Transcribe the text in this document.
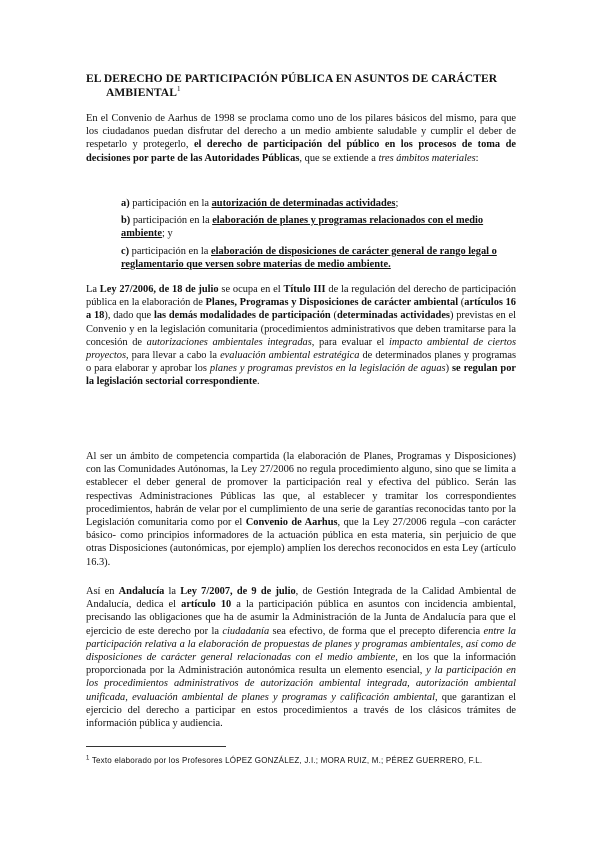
EL DERECHO DE PARTICIPACIÓN PÚBLICA EN ASUNTOS DE CARÁCTER
AMBIENTAL$^1$

En el Convenio de Aarhus de 1998 se proclama como uno de los pilares básicos del mismo, para que los ciudadanos puedan disfrutar del derecho a un medio ambiente saludable y cumplir el deber de respetarlo y protegerlo, el derecho de participación del público en los procesos de toma de decisiones por parte de las Autoridades Públicas, que se extiende a tres ámbitos materiales:

a) participación en la autorización de determinadas actividades;
b) participación en la elaboración de planes y programas relacionados con el medio ambiente; y
c) participación en la elaboración de disposiciones de carácter general de rango legal o reglamentario que versen sobre materias de medio ambiente.

La Ley 27/2006, de 18 de julio se ocupa en el Título III de la regulación del derecho de participación pública en la elaboración de Planes, Programas y Disposiciones de carácter ambiental (artículos 16 a 18), dado que las demás modalidades de participación (determinadas actividades) previstas en el Convenio y en la legislación comunitaria (procedimientos administrativos que deben tramitarse para la concesión de autorizaciones ambientales integradas, para evaluar el impacto ambiental de ciertos proyectos, para llevar a cabo la evaluación ambiental estratégica de determinados planes y programas o para elaborar y aprobar los planes y programas previstos en la legislación de aguas) se regulan por la legislación sectorial correspondiente.

Al ser un ámbito de competencia compartida (la elaboración de Planes, Programas y Disposiciones) con las Comunidades Autónomas, la Ley 27/2006 no regula procedimiento alguno, sino que se limita a establecer el deber general de promover la participación real y efectiva del público. Serán las respectivas Administraciones Públicas las que, al establecer y tramitar los correspondientes procedimientos, habrán de velar por el cumplimiento de una serie de garantías reconocidas tanto por la Legislación comunitaria como por el Convenio de Aarhus, que la Ley 27/2006 regula –con carácter básico- como principios informadores de la actuación pública en esta materia, sin perjuicio de que otras Disposiciones (autonómicas, por ejemplo) amplíen los derechos reconocidos en esta Ley (artículo 16.3).

Así en Andalucía la Ley 7/2007, de 9 de julio, de Gestión Integrada de la Calidad Ambiental de Andalucía, dedica el artículo 10 a la participación pública en asuntos con incidencia ambiental, precisando las obligaciones que ha de asumir la Administración de la Junta de Andalucía para que el ejercicio de este derecho por la ciudadanía sea efectivo, de forma que el precepto diferencia entre la participación relativa a la elaboración de propuestas de planes y programas ambientales, así como de disposiciones de carácter general relacionadas con el medio ambiente, en los que la información proporcionada por la Administración autonómica resulta un elemento esencial, y la participación en los procedimientos administrativos de autorización ambiental integrada, autorización ambiental unificada, evaluación ambiental de planes y programas y calificación ambiental, que garantizan el ejercicio del derecho a participar en estos procedimientos a través de los clásicos trámites de información pública y audiencia.

$^1$ Texto elaborado por los Profesores LÓPEZ GONZÁLEZ, J.I.; MORA RUIZ, M.; PÉREZ GUERRERO, F.L.
